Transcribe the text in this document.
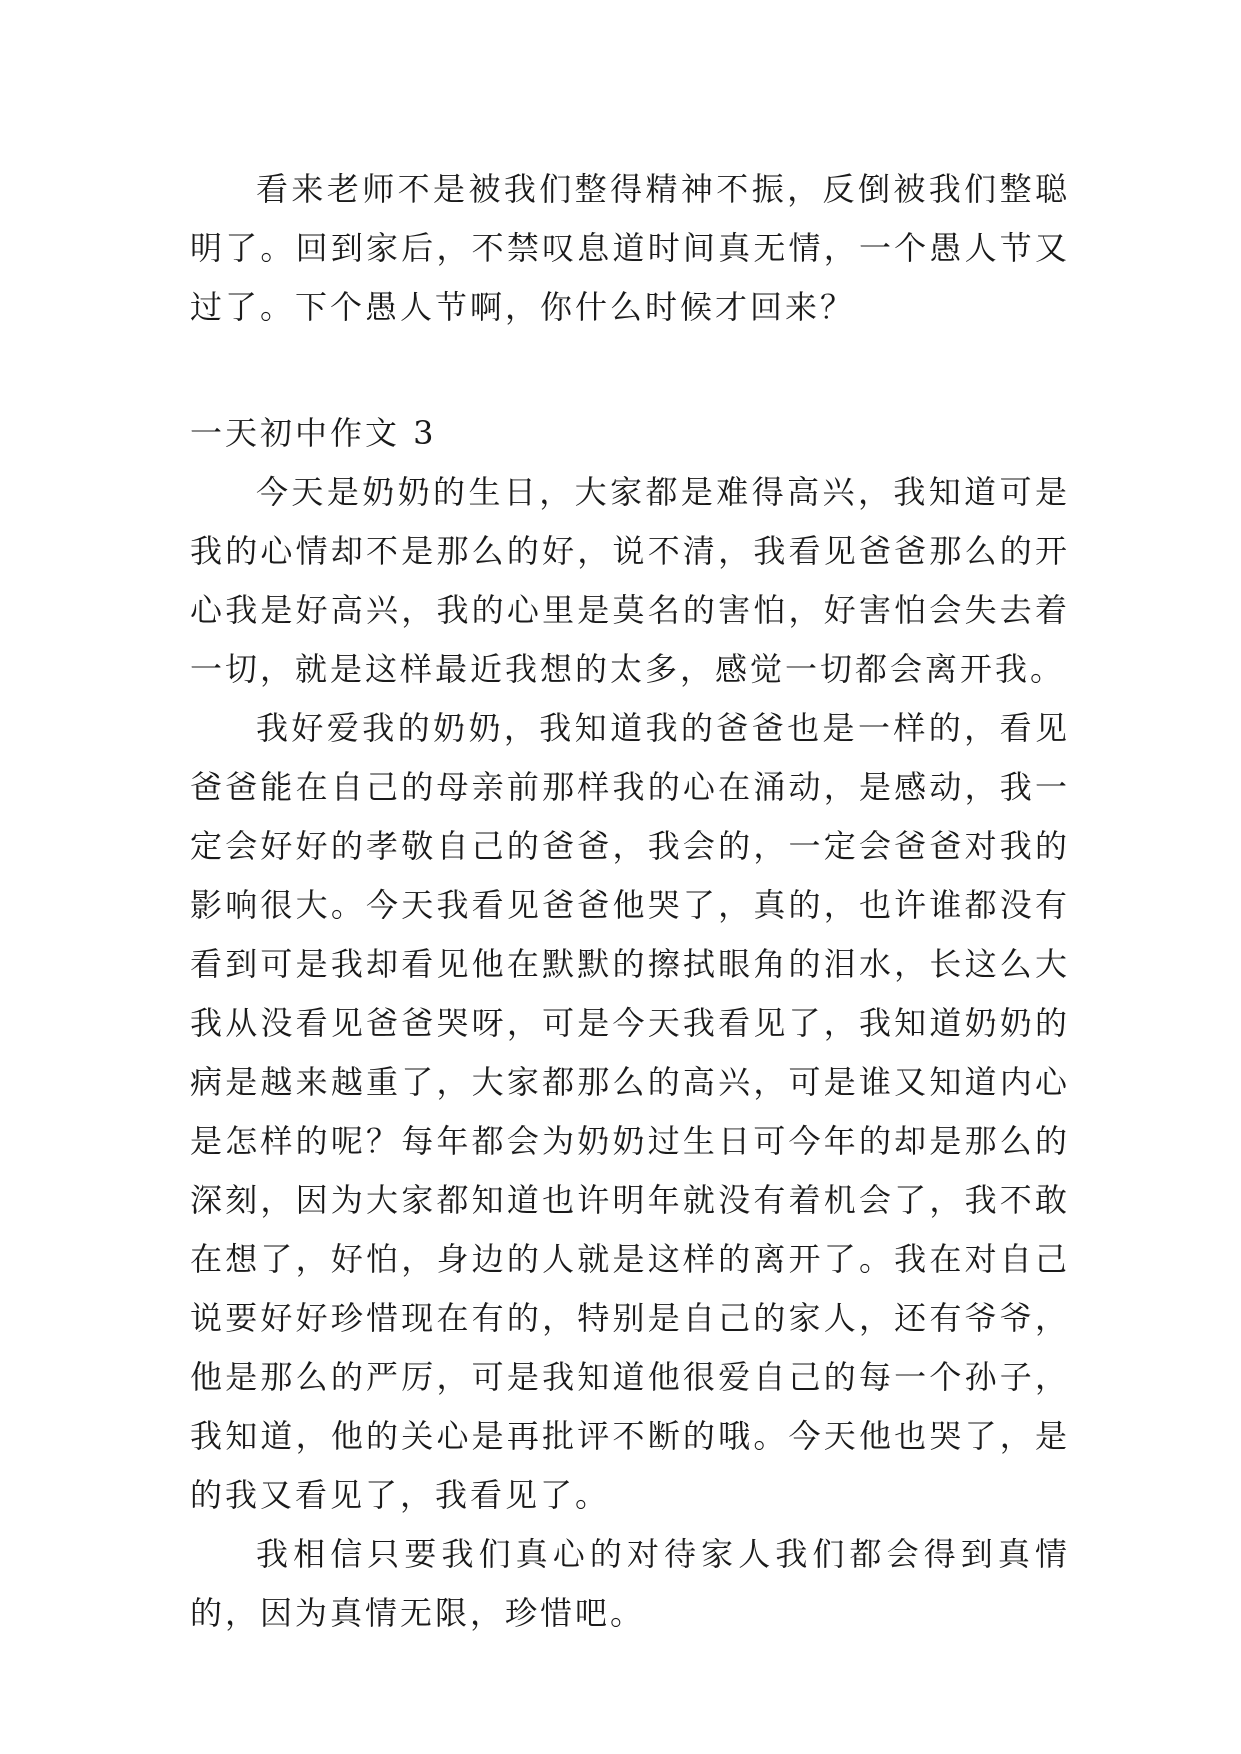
看来老师不是被我们整得精神不振，反倒被我们整聪明了。回到家后，不禁叹息道时间真无情，一个愚人节又过了。下个愚人节啊，你什么时候才回来？

一天初中作文 3

今天是奶奶的生日，大家都是难得高兴，我知道可是我的心情却不是那么的好，说不清，我看见爸爸那么的开心我是好高兴，我的心里是莫名的害怕，好害怕会失去着一切，就是这样最近我想的太多，感觉一切都会离开我。

我好爱我的奶奶，我知道我的爸爸也是一样的，看见爸爸能在自己的母亲前那样我的心在涌动，是感动，我一定会好好的孝敬自己的爸爸，我会的，一定会爸爸对我的影响很大。今天我看见爸爸他哭了，真的，也许谁都没有看到可是我却看见他在默默的擦拭眼角的泪水，长这么大我从没看见爸爸哭呀，可是今天我看见了，我知道奶奶的病是越来越重了，大家都那么的高兴，可是谁又知道内心是怎样的呢？每年都会为奶奶过生日可今年的却是那么的深刻，因为大家都知道也许明年就没有着机会了，我不敢在想了，好怕，身边的人就是这样的离开了。我在对自己说要好好珍惜现在有的，特别是自己的家人，还有爷爷，他是那么的严厉，可是我知道他很爱自己的每一个孙子，我知道，他的关心是再批评不断的哦。今天他也哭了，是的我又看见了，我看见了。

我相信只要我们真心的对待家人我们都会得到真情的，因为真情无限，珍惜吧。
